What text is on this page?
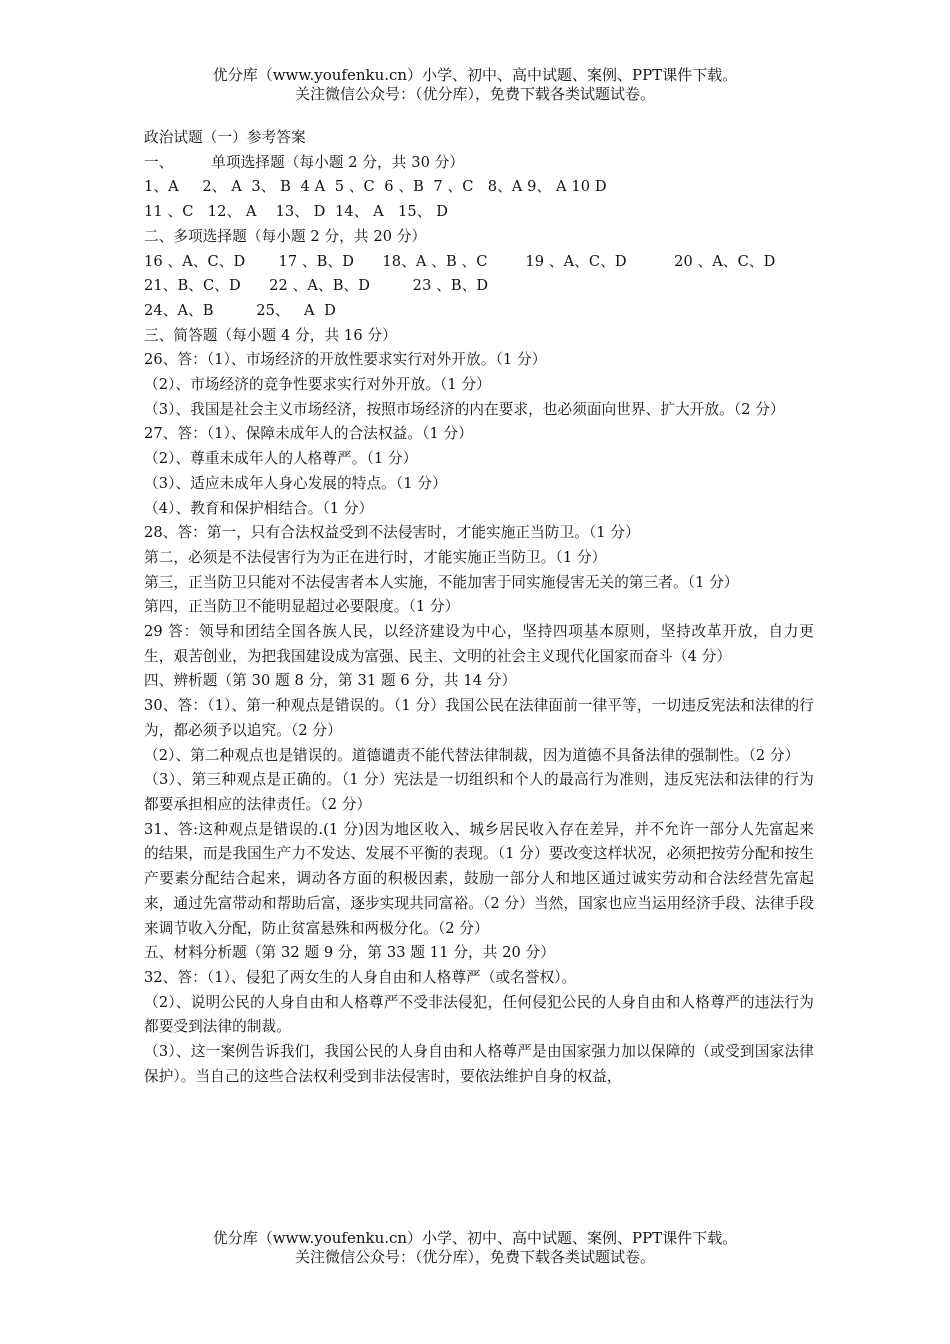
优分库（www.youfenku.cn）小学、初中、高中试题、案例、PPT课件下载。
关注微信公众号：（优分库），免费下载各类试题试卷。
政治试题（一）参考答案
一、        单项选择题（每小题 2 分，共 30 分）
1、A     2、 A  3、 B  4 A  5 、C  6 、B  7 、C   8、A 9、 A 10 D
11 、C   12、 A    13、 D  14、 A   15、 D
二、多项选择题（每小题 2 分，共 20 分）
16 、A、C、D       17 、B、D      18、A 、B 、C        19 、A、C、D          20 、A、C、D
21、B、C、D      22 、A、B、D         23 、B、D
24、A、B         25、   A  D
三、简答题（每小题 4 分，共 16 分）
26、答：（1）、市场经济的开放性要求实行对外开放。（1 分）
（2）、市场经济的竞争性要求实行对外开放。（1 分）
（3）、我国是社会主义市场经济，按照市场经济的内在要求，也必须面向世界、扩大开放。（2 分）
27、答：（1）、保障未成年人的合法权益。（1 分）
（2）、尊重未成年人的人格尊严。（1 分）
（3）、适应未成年人身心发展的特点。（1 分）
（4）、教育和保护相结合。（1 分）
28、答：第一，只有合法权益受到不法侵害时，才能实施正当防卫。（1 分）
第二，必须是不法侵害行为为正在进行时，才能实施正当防卫。（1 分）
第三，正当防卫只能对不法侵害者本人实施，不能加害于同实施侵害无关的第三者。（1 分）
第四，正当防卫不能明显超过必要限度。（1 分）
29 答：领导和团结全国各族人民，以经济建设为中心，坚持四项基本原则，坚持改革开放，自力更生，艰苦创业，为把我国建设成为富强、民主、文明的社会主义现代化国家而奋斗（4 分）
四、辨析题（第 30 题 8 分，第 31 题 6 分，共 14 分）
30、答：（1）、第一种观点是错误的。（1 分）我国公民在法律面前一律平等，一切违反宪法和法律的行为，都必须予以追究。（2 分）
（2）、第二种观点也是错误的。道德谴责不能代替法律制裁，因为道德不具备法律的强制性。（2 分）
（3）、第三种观点是正确的。（1 分）宪法是一切组织和个人的最高行为准则，违反宪法和法律的行为都要承担相应的法律责任。（2 分）
31、答:这种观点是错误的.(1 分)因为地区收入、城乡居民收入存在差异，并不允许一部分人先富起来的结果，而是我国生产力不发达、发展不平衡的表现。（1 分）要改变这样状况，必须把按劳分配和按生产要素分配结合起来，调动各方面的积极因素，鼓励一部分人和地区通过诚实劳动和合法经营先富起来，通过先富带动和帮助后富，逐步实现共同富裕。（2 分）当然，国家也应当运用经济手段、法律手段来调节收入分配，防止贫富悬殊和两极分化。（2 分）
五、材料分析题（第 32 题 9 分，第 33 题 11 分，共 20 分）
32、答：（1）、侵犯了两女生的人身自由和人格尊严（或名誉权）。
（2）、说明公民的人身自由和人格尊严不受非法侵犯，任何侵犯公民的人身自由和人格尊严的违法行为都要受到法律的制裁。
（3）、这一案例告诉我们，我国公民的人身自由和人格尊严是由国家强力加以保障的（或受到国家法律保护）。当自己的这些合法权利受到非法侵害时，要依法维护自身的权益，
优分库（www.youfenku.cn）小学、初中、高中试题、案例、PPT课件下载。
关注微信公众号：（优分库），免费下载各类试题试卷。
